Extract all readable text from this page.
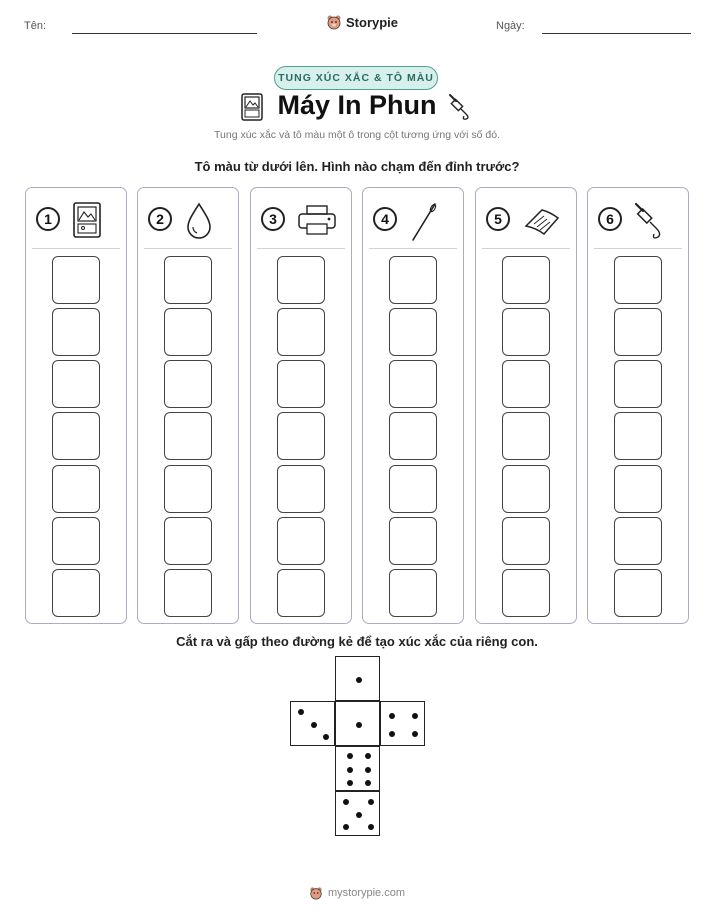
Tên:	Storypie	Ngày:
TUNG XÚC XẮC & TÔ MÀU
Máy In Phun
Tung xúc xắc và tô màu một ô trong cột tương ứng với số đó.
Tô màu từ dưới lên. Hình nào chạm đến đỉnh trước?
1	2	3	4	5	6
Cắt ra và gấp theo đường kẻ để tạo xúc xắc của riêng con.
mystorypie.com
